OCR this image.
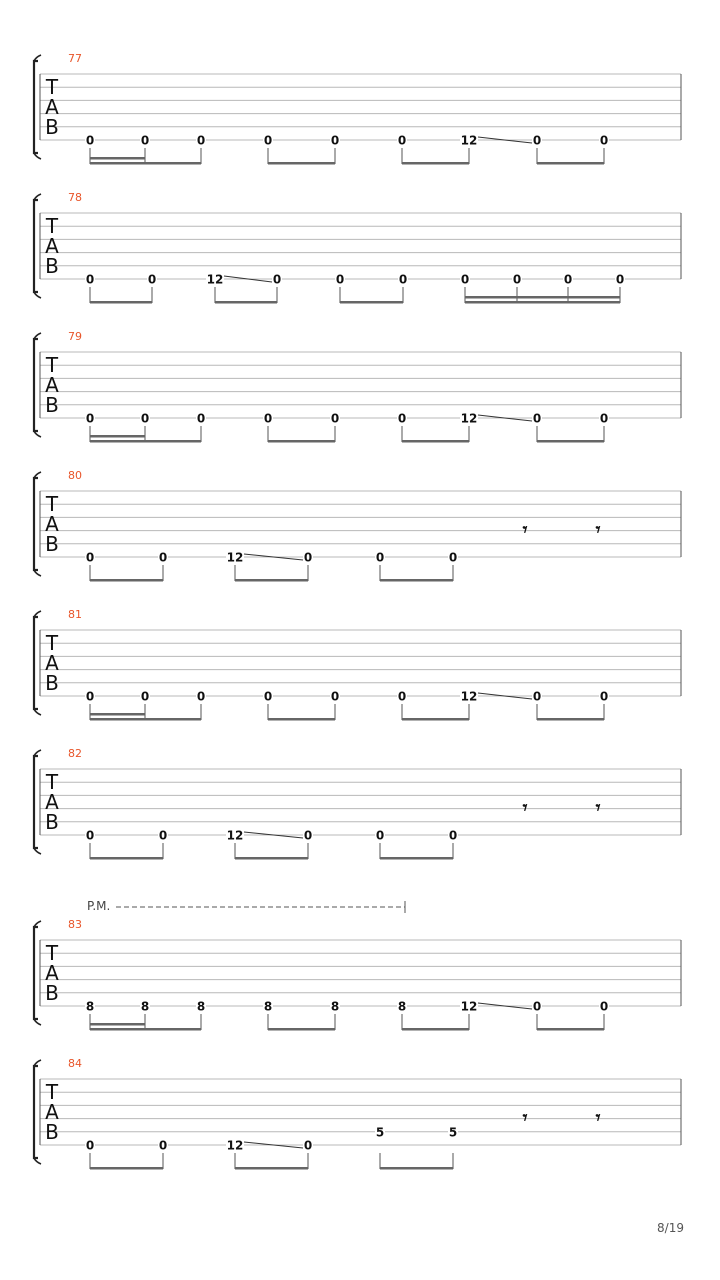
T
A
B
77
0	0	0	0	0	0	12	0	0
T
A
B
78
0	0	12	0	0	0	0	0	0	0
T
A
B
79
0	0	0	0	0	0	12	0	0
T
A
B
80
0	0	12	0	0	0
𝄾	𝄾
T
A
B
81
0	0	0	0	0	0	12	0	0
T
A
B
82
0	0	12	0	0	0
𝄾	𝄾
T
A
B
83
P.M.
8	8	8	8	8	8	12	0	0
T
A
B
84
0	0	12	0
5	5
𝄾	𝄾
8/19
